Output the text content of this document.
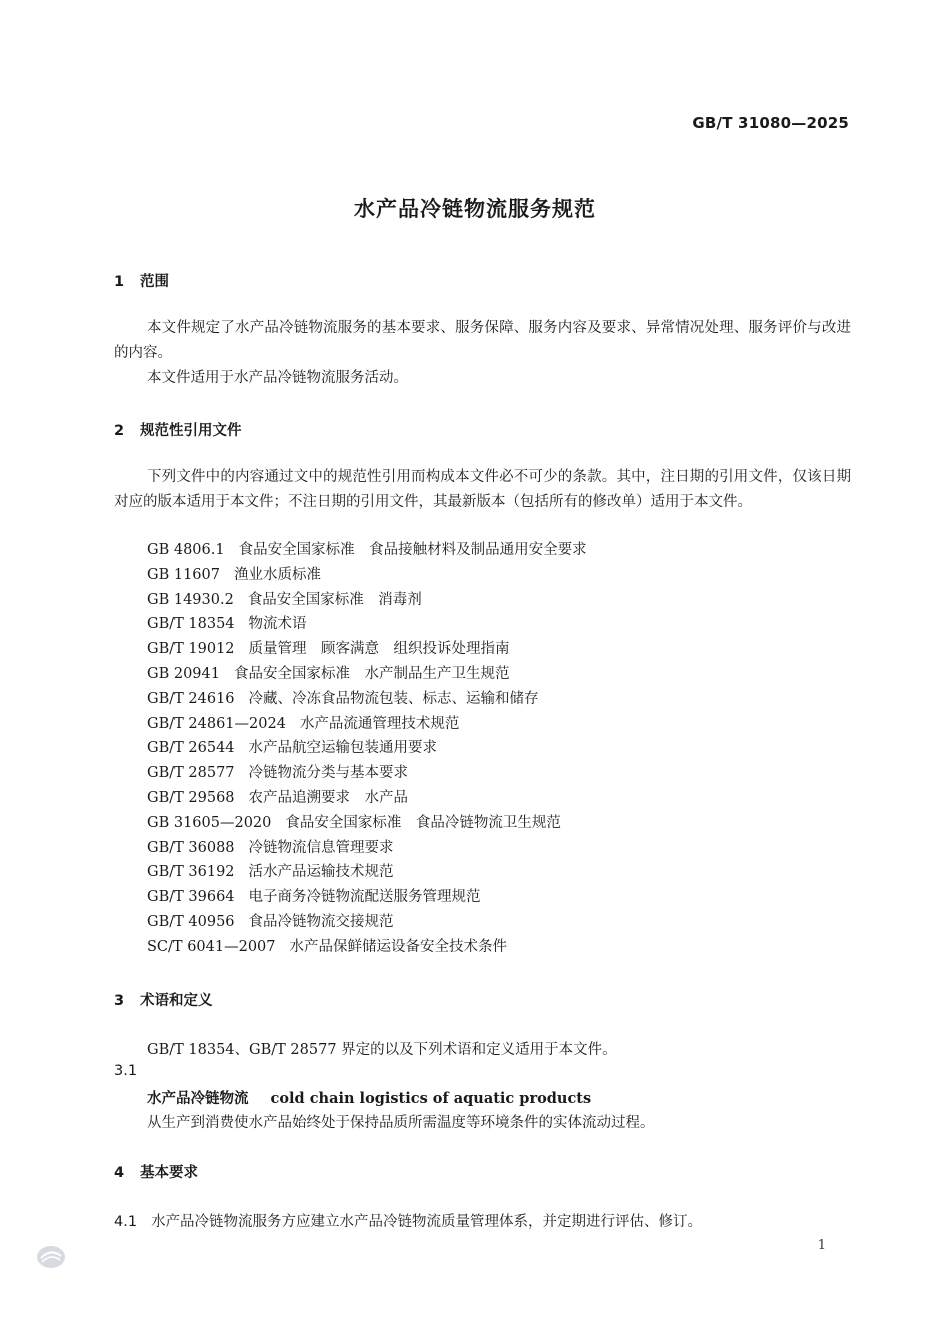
GB/T 31080—2025
水产品冷链物流服务规范
1 范围
本文件规定了水产品冷链物流服务的基本要求、服务保障、服务内容及要求、异常情况处理、服务评价与改进的内容。
本文件适用于水产品冷链物流服务活动。
2 规范性引用文件
下列文件中的内容通过文中的规范性引用而构成本文件必不可少的条款。其中，注日期的引用文件，仅该日期对应的版本适用于本文件；不注日期的引用文件，其最新版本（包括所有的修改单）适用于本文件。
GB 4806.1 食品安全国家标准　食品接触材料及制品通用安全要求
GB 11607 渔业水质标准
GB 14930.2 食品安全国家标准　消毒剂
GB/T 18354 物流术语
GB/T 19012 质量管理　顾客满意　组织投诉处理指南
GB 20941 食品安全国家标准　水产制品生产卫生规范
GB/T 24616 冷藏、冷冻食品物流包装、标志、运输和储存
GB/T 24861—2024 水产品流通管理技术规范
GB/T 26544 水产品航空运输包装通用要求
GB/T 28577 冷链物流分类与基本要求
GB/T 29568 农产品追溯要求　水产品
GB 31605—2020 食品安全国家标准　食品冷链物流卫生规范
GB/T 36088 冷链物流信息管理要求
GB/T 36192 活水产品运输技术规范
GB/T 39664 电子商务冷链物流配送服务管理规范
GB/T 40956 食品冷链物流交接规范
SC/T 6041—2007 水产品保鲜储运设备安全技术条件
3 术语和定义
GB/T 18354、GB/T 28577 界定的以及下列术语和定义适用于本文件。
3.1
水产品冷链物流 cold chain logistics of aquatic products
从生产到消费使水产品始终处于保持品质所需温度等环境条件的实体流动过程。
4 基本要求
4.1 水产品冷链物流服务方应建立水产品冷链物流质量管理体系，并定期进行评估、修订。
1
